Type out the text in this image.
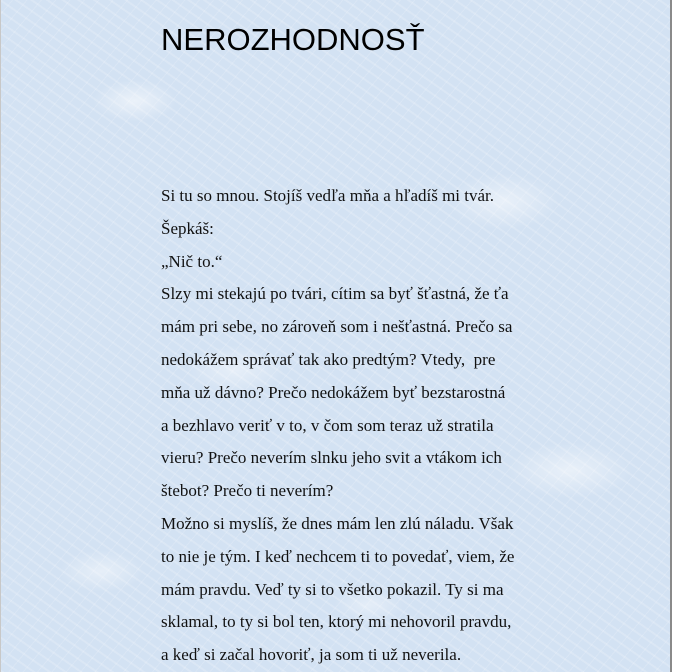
NEROZHODNOSŤ
Si tu so mnou. Stojíš vedľa mňa a hľadíš mi tvár.
Šepkáš:
„Nič to.“
Slzy mi stekajú po tvári, cítim sa byť šťastná, že ťa
mám pri sebe, no zároveň som i nešťastná. Prečo sa
nedokážem správať tak ako predtým? Vtedy,  pre
mňa už dávno? Prečo nedokážem byť bezstarostná
a bezhlavo veriť v to, v čom som teraz už stratila
vieru? Prečo neverím slnku jeho svit a vtákom ich
štebot? Prečo ti neverím?
Možno si myslíš, že dnes mám len zlú náladu. Však
to nie je tým. I keď nechcem ti to povedať, viem, že
mám pravdu. Veď ty si to všetko pokazil. Ty si ma
sklamal, to ty si bol ten, ktorý mi nehovoril pravdu,
a keď si začal hovoriť, ja som ti už neverila.
